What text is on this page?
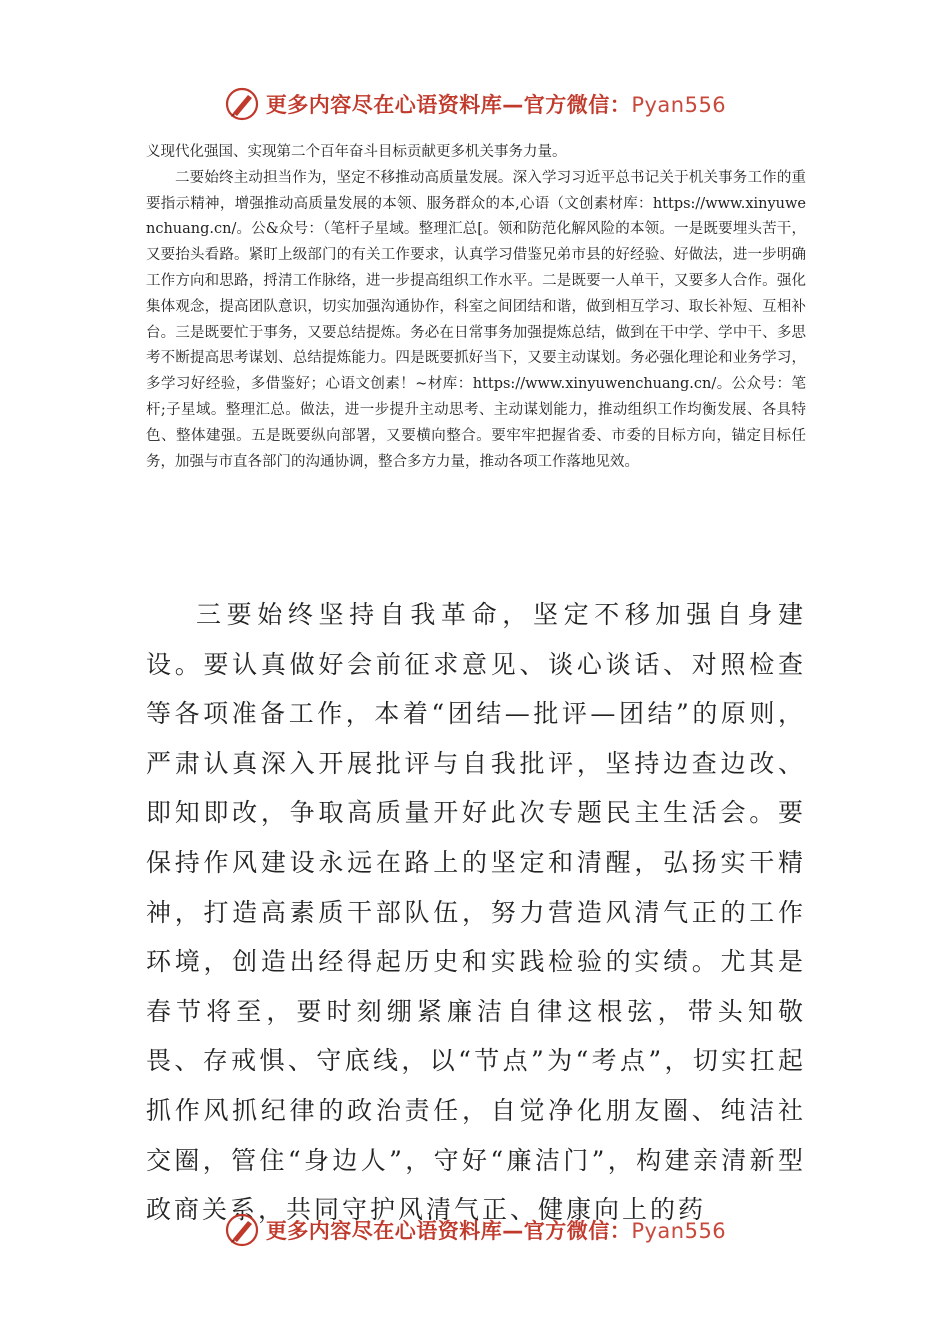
更多内容尽在心语资料库—官方微信：Pyan556

义现代化强国、实现第二个百年奋斗目标贡献更多机关事务力量。

二要始终主动担当作为，坚定不移推动高质量发展。深入学习习近平总书记关于机关事务工作的重要指示精神，增强推动高质量发展的本领、服务群众的本,心语（文创素材库：https://www.xinyuwenchuang.cn/。公&众号：（笔杆子星域。整理汇总[。领和防范化解风险的本领。一是既要埋头苦干，又要抬头看路。紧盯上级部门的有关工作要求，认真学习借鉴兄弟市县的好经验、好做法，进一步明确工作方向和思路，捋清工作脉络，进一步提高组织工作水平。二是既要一人单干，又要多人合作。强化集体观念，提高团队意识，切实加强沟通协作，科室之间团结和谐，做到相互学习、取长补短、互相补台。三是既要忙于事务，又要总结提炼。务必在日常事务加强提炼总结，做到在干中学、学中干、多思考不断提高思考谋划、总结提炼能力。四是既要抓好当下，又要主动谋划。务必强化理论和业务学习，多学习好经验，多借鉴好；心语文创素！~材库：https://www.xinyuwenchuang.cn/。公众号：笔杆;子星域。整理汇总。做法，进一步提升主动思考、主动谋划能力，推动组织工作均衡发展、各具特色、整体建强。五是既要纵向部署，又要横向整合。要牢牢把握省委、市委的目标方向，锚定目标任务，加强与市直各部门的沟通协调，整合多方力量，推动各项工作落地见效。

三要始终坚持自我革命，坚定不移加强自身建设。要认真做好会前征求意见、谈心谈话、对照检查等各项准备工作，本着“团结—批评—团结”的原则，严肃认真深入开展批评与自我批评，坚持边查边改、即知即改，争取高质量开好此次专题民主生活会。要保持作风建设永远在路上的坚定和清醒，弘扬实干精神，打造高素质干部队伍，努力营造风清气正的工作环境，创造出经得起历史和实践检验的实绩。尤其是春节将至，要时刻绷紧廉洁自律这根弦，带头知敬畏、存戒惧、守底线，以“节点”为“考点”，切实扛起抓作风抓纪律的政治责任，自觉净化朋友圈、纯洁社交圈，管住“身边人”，守好“廉洁门”，构建亲清新型政商关系，共同守护风清气正、健康向上的药

更多内容尽在心语资料库—官方微信：Pyan556
